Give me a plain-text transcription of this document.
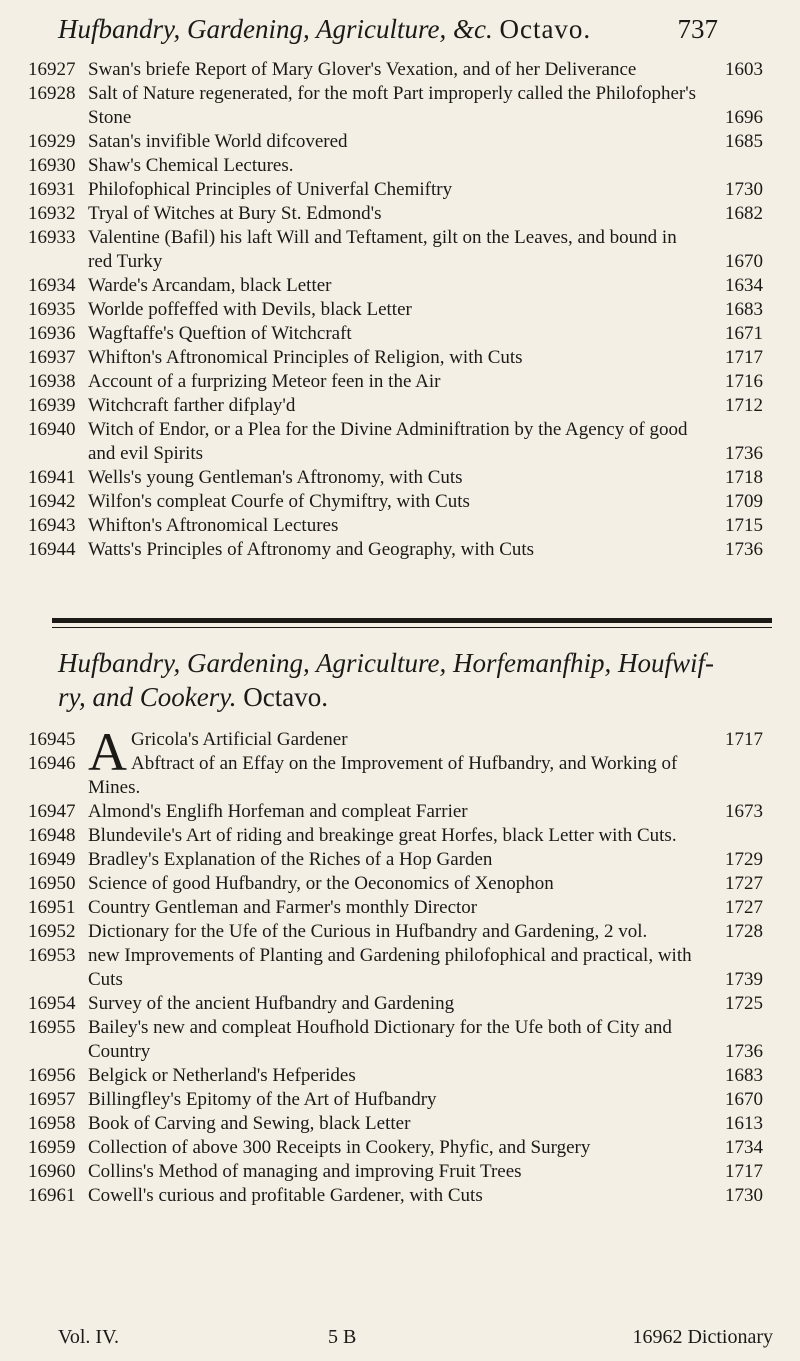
Hufbandry, Gardening, Agriculture, &c. Octavo.	737
16927 Swan's briefe Report of Mary Glover's Vexation, and of her Deliverance	1603
16928 Salt of Nature regenerated, for the moft Part improperly called the Philofopher's Stone	1696
16929 Satan's invifible World difcovered	1685
16930 Shaw's Chemical Lectures.
16931 Philofophical Principles of Univerfal Chemiftry	1730
16932 Tryal of Witches at Bury St. Edmond's	1682
16933 Valentine (Bafil) his laft Will and Teftament, gilt on the Leaves, and bound in red Turky	1670
16934 Warde's Arcandam, black Letter	1634
16935 Worlde poffeffed with Devils, black Letter	1683
16936 Wagftaffe's Queftion of Witchcraft	1671
16937 Whifton's Aftronomical Principles of Religion, with Cuts	1717
16938 Account of a furprizing Meteor feen in the Air	1716
16939 Witchcraft farther difplay'd	1712
16940 Witch of Endor, or a Plea for the Divine Adminiftration by the Agency of good and evil Spirits	1736
16941 Wells's young Gentleman's Aftronomy, with Cuts	1718
16942 Wilfon's compleat Courfe of Chymiftry, with Cuts	1709
16943 Whifton's Aftronomical Lectures	1715
16944 Watts's Principles of Aftronomy and Geography, with Cuts	1736
Hufbandry, Gardening, Agriculture, Horfemanfhip, Houfwif-
ry, and Cookery. Octavo.
16945 A Gricola's Artificial Gardener	1717
16946	Abftract of an Effay on the Improvement of Hufbandry, and Working of Mines.
16947 Almond's Englifh Horfeman and compleat Farrier	1673
16948 Blundevile's Art of riding and breakinge great Horfes, black Letter with Cuts.
16949 Bradley's Explanation of the Riches of a Hop Garden	1729
16950 Science of good Hufbandry, or the Oeconomics of Xenophon	1727
16951 Country Gentleman and Farmer's monthly Director	1727
16952 Dictionary for the Ufe of the Curious in Hufbandry and Gardening, 2 vol.	1728
16953 new Improvements of Planting and Gardening philofophical and practical, with Cuts	1739
16954 Survey of the ancient Hufbandry and Gardening	1725
16955 Bailey's new and compleat Houfhold Dictionary for the Ufe both of City and Country	1736
16956 Belgick or Netherland's Hefperides	1683
16957 Billingfley's Epitomy of the Art of Hufbandry	1670
16958 Book of Carving and Sewing, black Letter	1613
16959 Collection of above 300 Receipts in Cookery, Phyfic, and Surgery	1734
16960 Collins's Method of managing and improving Fruit Trees	1717
16961 Cowell's curious and profitable Gardener, with Cuts	1730
Vol. IV.	5 B	16962 Dictionary
